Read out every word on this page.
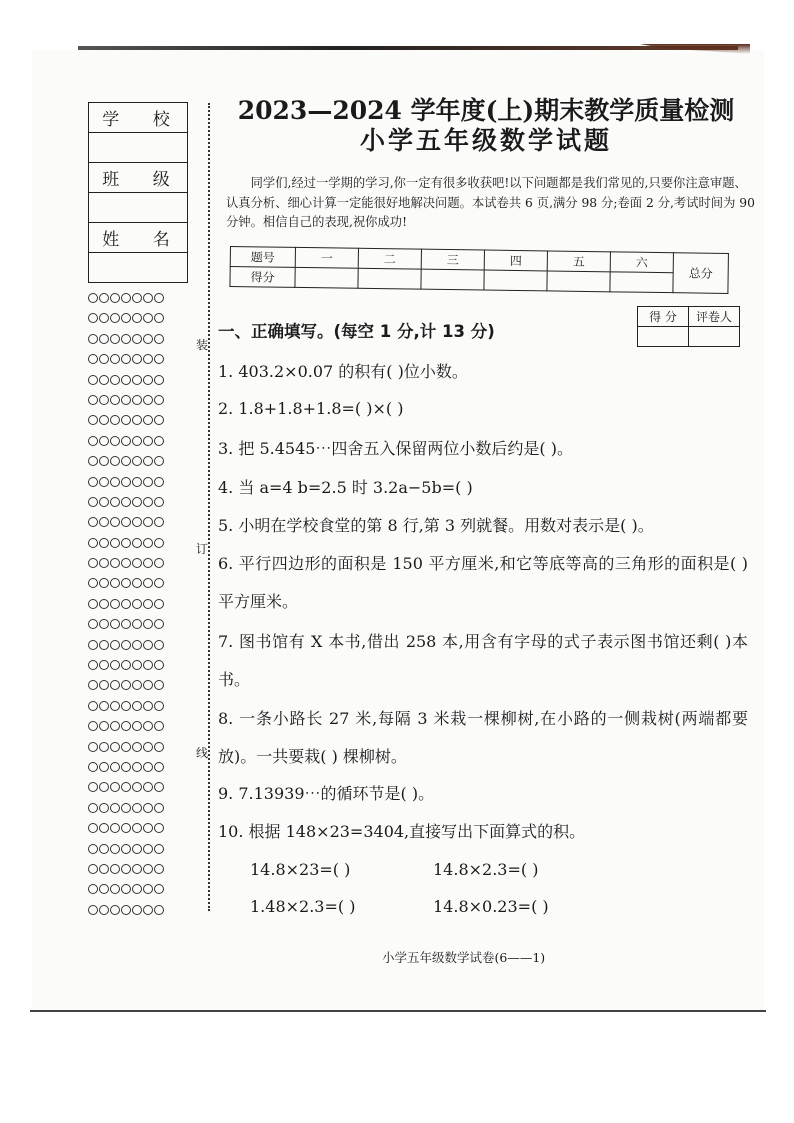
学 校
班 级
姓 名
装
订
线
2023—2024 学年度(上)期末教学质量检测
小学五年级数学试题
同学们,经过一学期的学习,你一定有很多收获吧!以下问题都是我们常见的,只要你注意审题、认真分析、细心计算一定能很好地解决问题。本试卷共 6 页,满分 98 分;卷面 2 分,考试时间为 90 分钟。相信自己的表现,祝你成功!
题号	一	二	三	四	五	六	总分
得分							
得 分	评卷人

一、正确填写。(每空 1 分,计 13 分)
1. 403.2×0.07 的积有( )位小数。
2. 1.8+1.8+1.8=( )×( )
3. 把 5.4545⋯四舍五入保留两位小数后约是( )。
4. 当 a=4 b=2.5 时 3.2a−5b=( )
5. 小明在学校食堂的第 8 行,第 3 列就餐。用数对表示是( )。
6. 平行四边形的面积是 150 平方厘米,和它等底等高的三角形的面积是( )平方厘米。
7. 图书馆有 X 本书,借出 258 本,用含有字母的式子表示图书馆还剩( )本书。
8. 一条小路长 27 米,每隔 3 米栽一棵柳树,在小路的一侧栽树(两端都要放)。一共要栽( ) 棵柳树。
9. 7.13939⋯的循环节是( )。
10. 根据 148×23=3404,直接写出下面算式的积。
14.8×23=( )	14.8×2.3=( )
1.48×2.3=( )	14.8×0.23=( )
小学五年级数学试卷(6——1)
